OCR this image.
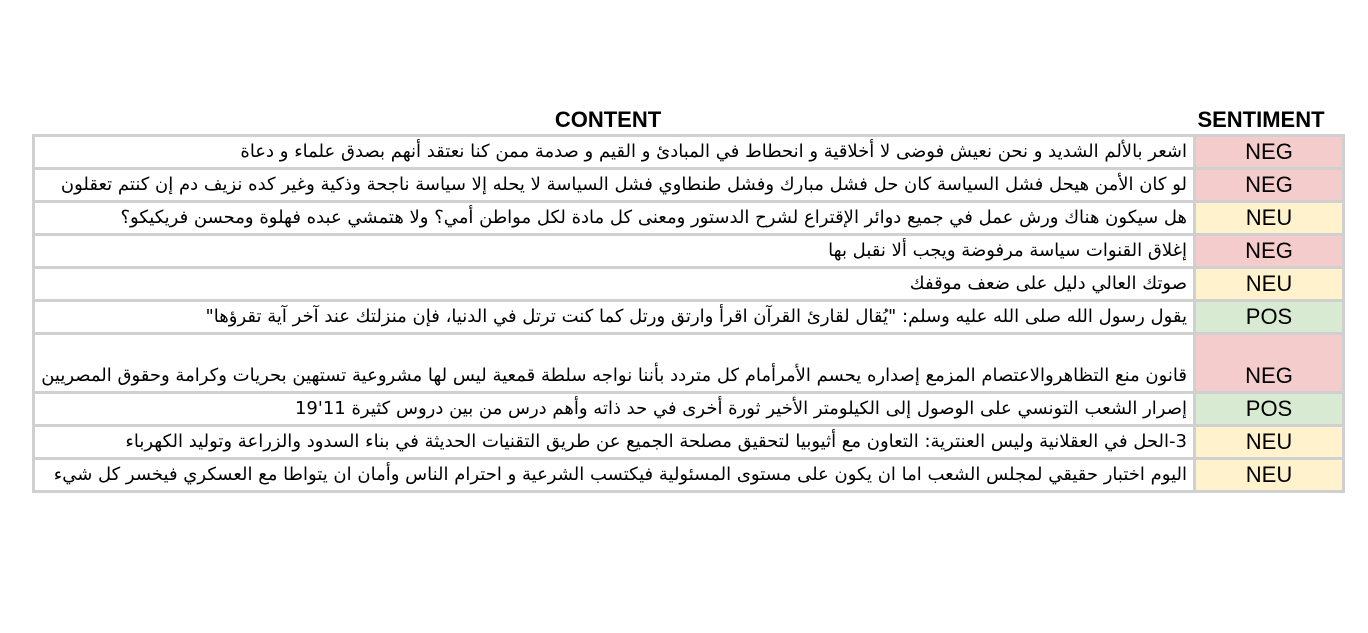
CONTENT	SENTIMENT
اشعر بالألم الشديد و نحن نعيش فوضى لا أخلاقية و انحطاط في المبادئ و القيم و صدمة ممن كنا نعتقد أنهم بصدق علماء و دعاة	NEG
لو كان الأمن هيحل فشل السياسة كان حل فشل مبارك وفشل طنطاوي فشل السياسة لا يحله إلا سياسة ناجحة وذكية وغير كده نزيف دم إن كنتم تعقلون	NEG
هل سيكون هناك ورش عمل في جميع دوائر الإقتراع لشرح الدستور ومعنى كل مادة لكل مواطن أمي؟ ولا هتمشي عبده فهلوة ومحسن فريكيكو؟	NEU
إغلاق القنوات سياسة مرفوضة ويجب ألا نقبل بها	NEG
صوتك العالي دليل على ضعف موقفك	NEU
يقول رسول الله صلى الله عليه وسلم: "يُقال لقارئ القرآن اقرأ وارتق ورتل كما كنت ترتل في الدنيا، فإن منزلتك عند آخر آية تقرؤها"	POS
قانون منع التظاهروالاعتصام المزمع إصداره يحسم الأمرأمام كل متردد بأننا نواجه سلطة قمعية ليس لها مشروعية تستهين بحريات وكرامة وحقوق المصريين	NEG
إصرار الشعب التونسي على الوصول إلى الكيلومتر الأخير ثورة أخرى في حد ذاته وأهم درس من بين دروس كثيرة 11'19	POS
3-الحل في العقلانية وليس العنترية: التعاون مع أثيوبيا لتحقيق مصلحة الجميع عن طريق التقنيات الحديثة في بناء السدود والزراعة وتوليد الكهرباء	NEU
اليوم اختبار حقيقي لمجلس الشعب اما ان يكون على مستوى المسئولية فيكتسب الشرعية و احترام الناس وأمان ان يتواطا مع العسكري فيخسر كل شيء	NEU
